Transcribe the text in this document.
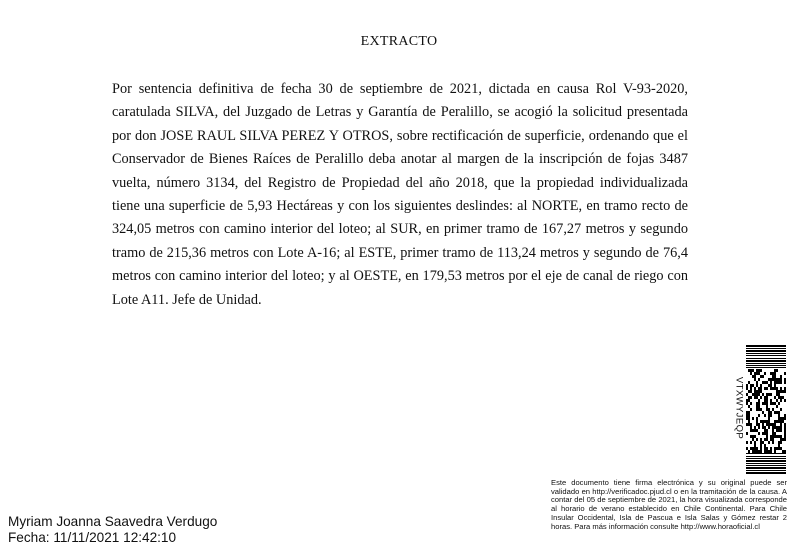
EXTRACTO
Por sentencia definitiva de fecha 30 de septiembre de 2021, dictada en causa Rol V-93-2020, caratulada SILVA, del Juzgado de Letras y Garantía de Peralillo, se acogió la solicitud presentada por don JOSE RAUL SILVA PEREZ Y OTROS, sobre rectificación de superficie, ordenando que el Conservador de Bienes Raíces de Peralillo deba anotar al margen de la inscripción de fojas 3487 vuelta, número 3134, del Registro de Propiedad del año 2018, que la propiedad individualizada tiene una superficie de 5,93 Hectáreas y con los siguientes deslindes: al NORTE, en tramo recto de 324,05 metros con camino interior del loteo; al SUR, en primer tramo de 167,27 metros y segundo tramo de 215,36 metros con Lote A-16; al ESTE, primer tramo de 113,24 metros y segundo de 76,4 metros con camino interior del loteo; y al OESTE, en 179,53 metros por el eje de canal de riego con Lote A11. Jefe de Unidad.
VTXWYJEQP
Este documento tiene firma electrónica y su original puede ser validado en http://verificadoc.pjud.cl o en la tramitación de la causa. A contar del 05 de septiembre de 2021, la hora visualizada corresponde al horario de verano establecido en Chile Continental. Para Chile Insular Occidental, Isla de Pascua e Isla Salas y Gómez restar 2 horas. Para más información consulte http://www.horaoficial.cl
Myriam Joanna Saavedra Verdugo
Fecha: 11/11/2021 12:42:10
